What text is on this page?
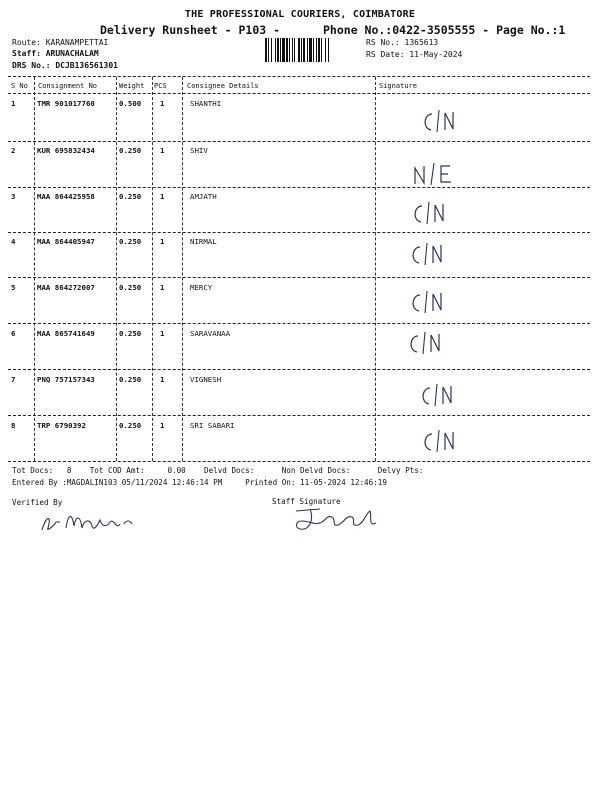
THE PROFESSIONAL COURIERS, COIMBATORE
Delivery Runsheet - P103 -	Phone No.:0422-3505555 - Page No.:1
Route: KARANAMPETTAI
Staff: ARUNACHALAM
DRS No.: DCJB136561301
RS No.: 1365613
RS Date: 11-May-2024
S No Consignment No	Weight PCS	Consignee Details	Signature
1	TMR 901017760	0.500	1	SHANTHI
2	KUR 695832434	0.250	1	SHIV
3	MAA 864425958	0.250	1	AMJATH
4	MAA 864405947	0.250	1	NIRMAL
5	MAA 864272007	0.250	1	MERCY
6	MAA 865741649	0.250	1	SARAVANAA
7	PNQ 757157343	0.250	1	VIGNESH
8	TRP 6790392	0.250	1	SRI SABARI
Tot Docs:   8    Tot COD Amt:     0.00    Delvd Docs:      Non Delvd Docs:      Delvy Pts:
Entered By :MAGDALIN103 05/11/2024 12:46:14 PM     Printed On: 11-05-2024 12:46:19
Verified By	Staff Signature
